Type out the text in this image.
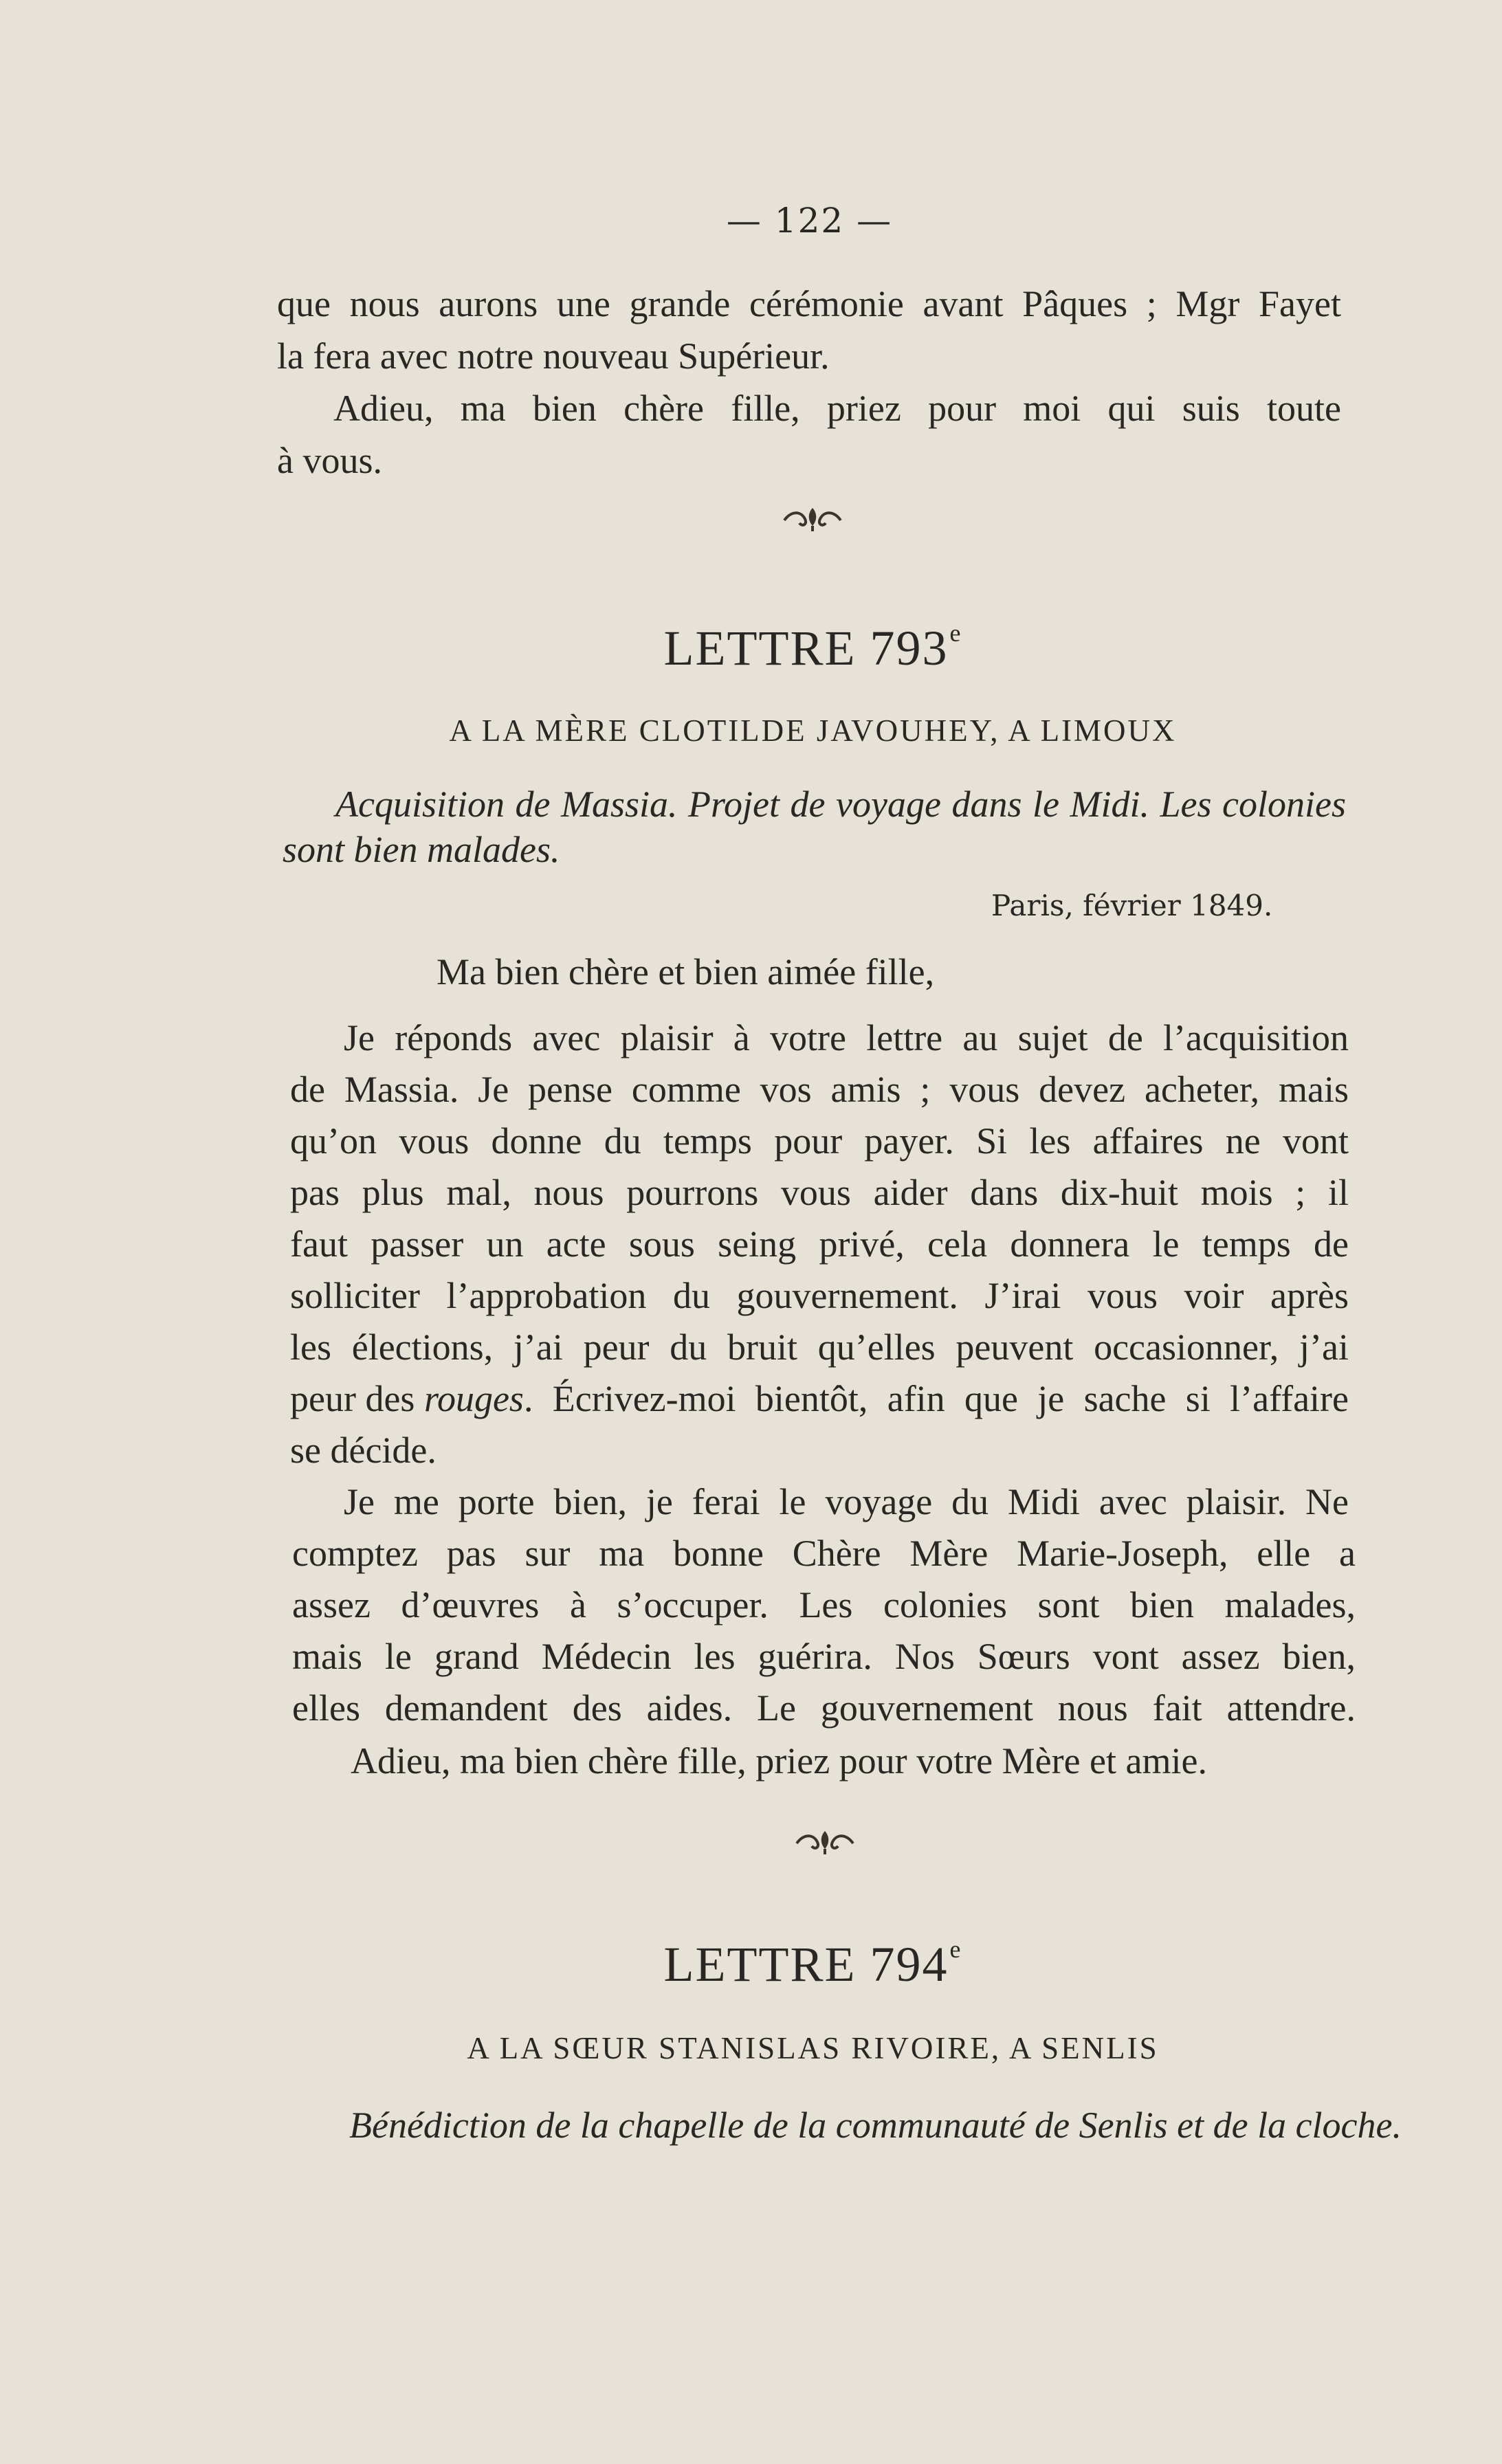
— 122 —
que nous aurons une grande cérémonie avant Pâques ; Mgr Fayet
la fera avec notre nouveau Supérieur.
Adieu, ma bien chère fille, priez pour moi qui suis toute
à vous.
LETTRE 793e
A LA MÈRE CLOTILDE JAVOUHEY, A LIMOUX
Acquisition de Massia. Projet de voyage dans le Midi. Les colonies
sont bien malades.
Paris, février 1849.
Ma bien chère et bien aimée fille,
Je réponds avec plaisir à votre lettre au sujet de l’acquisition
de Massia. Je pense comme vos amis ; vous devez acheter, mais
qu’on vous donne du temps pour payer. Si les affaires ne vont
pas plus mal, nous pourrons vous aider dans dix-huit mois ; il
faut passer un acte sous seing privé, cela donnera le temps de
solliciter l’approbation du gouvernement. J’irai vous voir après
les élections, j’ai peur du bruit qu’elles peuvent occasionner, j’ai
peur des rouges . Écrivez-moi bientôt, afin que je sache si l’affaire
se décide.
Je me porte bien, je ferai le voyage du Midi avec plaisir. Ne
comptez pas sur ma bonne Chère Mère Marie-Joseph, elle a
assez d’œuvres à s’occuper. Les colonies sont bien malades,
mais le grand Médecin les guérira. Nos Sœurs vont assez bien,
elles demandent des aides. Le gouvernement nous fait attendre.
Adieu, ma bien chère fille, priez pour votre Mère et amie.
LETTRE 794e
A LA SŒUR STANISLAS RIVOIRE, A SENLIS
Bénédiction de la chapelle de la communauté de Senlis et de la cloche.
